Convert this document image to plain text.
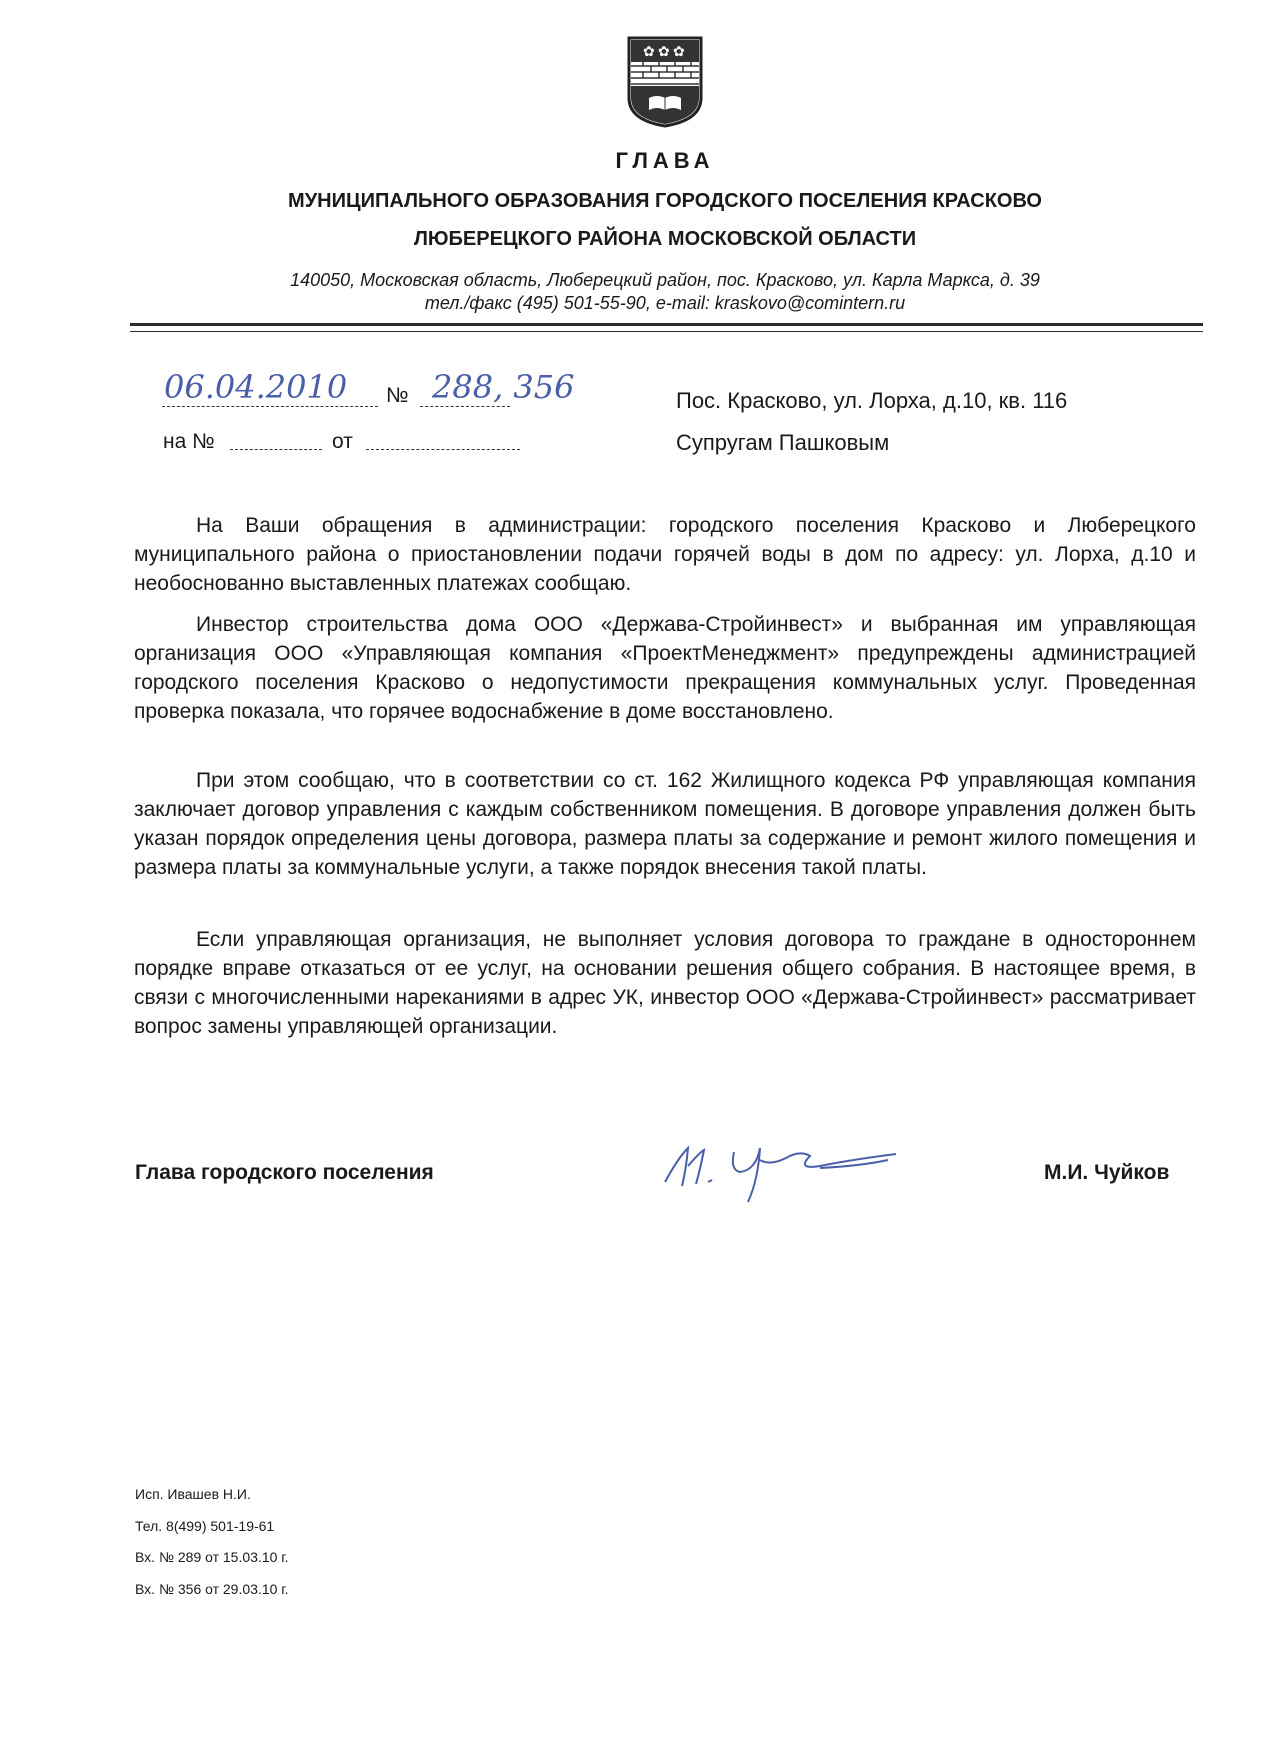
✿ ✿ ✿
ГЛАВА
МУНИЦИПАЛЬНОГО ОБРАЗОВАНИЯ ГОРОДСКОГО ПОСЕЛЕНИЯ КРАСКОВО
ЛЮБЕРЕЦКОГО РАЙОНА МОСКОВСКОЙ ОБЛАСТИ
140050, Московская область, Люберецкий район, пос. Красково, ул. Карла Маркса, д. 39
тел./факс (495) 501-55-90, e-mail: kraskovo@comintern.ru
06.04.2010 № 288, 356
на №	от
Пос. Красково, ул. Лорха, д.10, кв. 116
Супругам Пашковым

На Ваши обращения в администрации: городского поселения Красково и Люберецкого муниципального района о приостановлении подачи горячей воды в дом по адресу: ул. Лорха, д.10 и необоснованно выставленных платежах сообщаю.

Инвестор строительства дома ООО «Держава-Стройинвест» и выбранная им управляющая организация ООО «Управляющая компания «ПроектМенеджмент» предупреждены администрацией городского поселения Красково о недопустимости прекращения коммунальных услуг. Проведенная проверка показала, что горячее водоснабжение в доме восстановлено.

При этом сообщаю, что в соответствии со ст. 162 Жилищного кодекса РФ управляющая компания заключает договор управления с каждым собственником помещения. В договоре управления должен быть указан порядок определения цены договора, размера платы за содержание и ремонт жилого помещения и размера платы за коммунальные услуги, а также порядок внесения такой платы.

Если управляющая организация, не выполняет условия договора то граждане в одностороннем порядке вправе отказаться от ее услуг, на основании решения общего собрания. В настоящее время, в связи с многочисленными нареканиями в адрес УК, инвестор ООО «Держава-Стройинвест» рассматривает вопрос замены управляющей организации.

Глава городского поселения	М.И. Чуйков
Исп. Ивашев Н.И.
Тел. 8(499) 501-19-61
Вх. № 289 от 15.03.10 г.
Вх. № 356 от 29.03.10 г.
